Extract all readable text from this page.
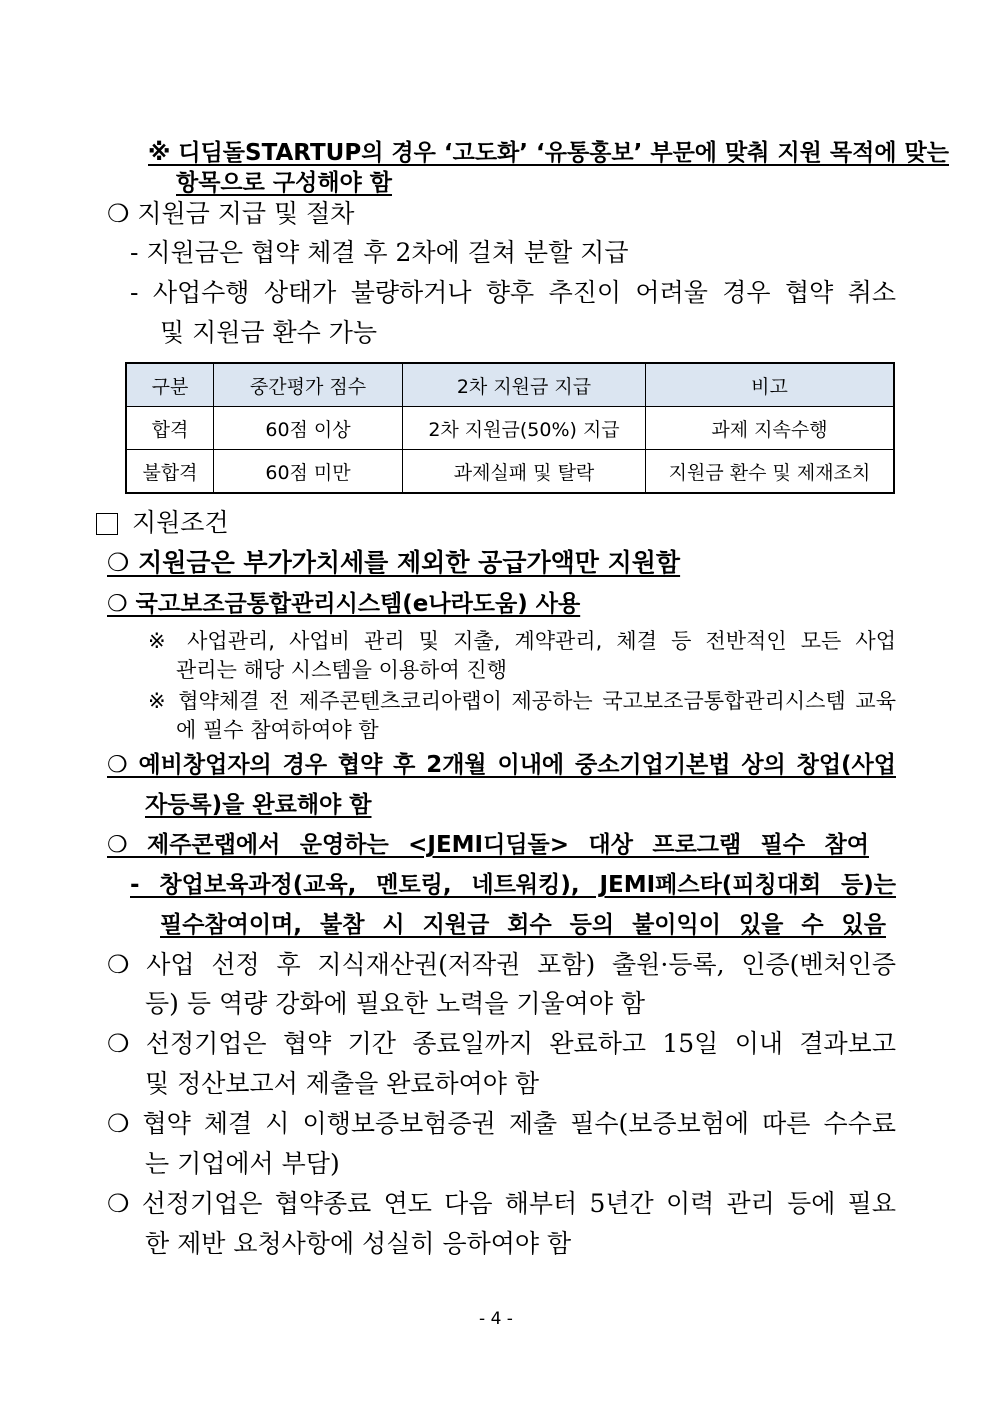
※ 디딤돌STARTUP의 경우 ‘고도화’ ‘유통홍보’ 부문에 맞춰 지원 목적에 맞는
항목으로 구성해야 함
❍ 지원금 지급 및 절차
- 지원금은 협약 체결 후 2차에 걸쳐 분할 지급
- 사업수행 상태가 불량하거나 향후 추진이 어려울 경우 협약 취소
및 지원금 환수 가능
구분	중간평가 점수	2차 지원금 지급	비고
합격	60점 이상	2차 지원금(50%) 지급	과제 지속수행
불합격	60점 미만	과제실패 및 탈락	지원금 환수 및 제재조치
지원조건
❍ 지원금은 부가가치세를 제외한 공급가액만 지원함
❍ 국고보조금통합관리시스템(e나라도움) 사용
※ 사업관리, 사업비 관리 및 지출, 계약관리, 체결 등 전반적인 모든 사업
관리는 해당 시스템을 이용하여 진행
※ 협약체결 전 제주콘텐츠코리아랩이 제공하는 국고보조금통합관리시스템 교육
에 필수 참여하여야 함
❍ 예비창업자의 경우 협약 후 2개월 이내에 중소기업기본법 상의 창업(사업
자등록)을 완료해야 함
❍ 제주콘랩에서 운영하는 <JEMI디딤돌> 대상 프로그램 필수 참여
- 창업보육과정(교육, 멘토링, 네트워킹), JEMI페스타(피칭대회 등)는
필수참여이며, 불참 시 지원금 회수 등의 불이익이 있을 수 있음
❍ 사업 선정 후 지식재산권(저작권 포함) 출원·등록, 인증(벤처인증
등) 등 역량 강화에 필요한 노력을 기울여야 함
❍ 선정기업은 협약 기간 종료일까지 완료하고 15일 이내 결과보고
및 정산보고서 제출을 완료하여야 함
❍ 협약 체결 시 이행보증보험증권 제출 필수(보증보험에 따른 수수료
는 기업에서 부담)
❍ 선정기업은 협약종료 연도 다음 해부터 5년간 이력 관리 등에 필요
한 제반 요청사항에 성실히 응하여야 함
- 4 -
